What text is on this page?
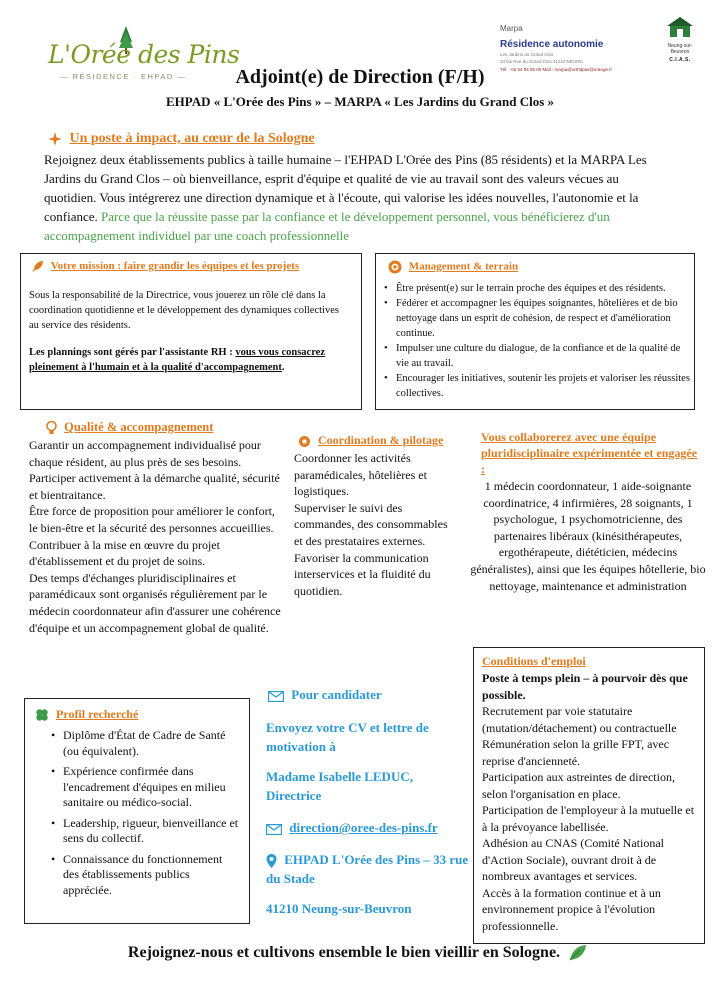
L'Orée des Pins
— RÉSIDENCE · EHPAD —
Marpa
Résidence autonomie
Les Jardins du Grand Clos
34 bis Rue du Grand Clos 41210 NEUNG
Tél. : 02 54 94 55 00 Mail : marpa@orthdpas@orange.fr
Neung-sur-Beuvron
C.I.A.S.
Adjoint(e) de Direction (F/H)
EHPAD « L'Orée des Pins » – MARPA « Les Jardins du Grand Clos »
Un poste à impact, au cœur de la Sologne
Rejoignez deux établissements publics à taille humaine – l'EHPAD L'Orée des Pins (85 résidents) et la MARPA Les Jardins du Grand Clos – où bienveillance, esprit d'équipe et qualité de vie au travail sont des valeurs vécues au quotidien. Vous intégrerez une direction dynamique et à l'écoute, qui valorise les idées nouvelles, l'autonomie et la confiance. Parce que la réussite passe par la confiance et le développement personnel, vous bénéficierez d'un accompagnement individuel par une coach professionnelle
Votre mission : faire grandir les équipes et les projets
Sous la responsabilité de la Directrice, vous jouerez un rôle clé dans la coordination quotidienne et le développement des dynamiques collectives au service des résidents.
Les plannings sont gérés par l'assistante RH : vous vous consacrez pleinement à l'humain et à la qualité d'accompagnement.
Management & terrain
• Être présent(e) sur le terrain proche des équipes et des résidents.
• Fédérer et accompagner les équipes soignantes, hôtelières et de bio nettoyage dans un esprit de cohésion, de respect et d'amélioration continue.
• Impulser une culture du dialogue, de la confiance et de la qualité de vie au travail.
• Encourager les initiatives, soutenir les projets et valoriser les réussites collectives.
Qualité & accompagnement
Garantir un accompagnement individualisé pour chaque résident, au plus près de ses besoins.
Participer activement à la démarche qualité, sécurité et bientraitance.
Être force de proposition pour améliorer le confort, le bien-être et la sécurité des personnes accueillies.
Contribuer à la mise en œuvre du projet d'établissement et du projet de soins.
Des temps d'échanges pluridisciplinaires et paramédicaux sont organisés régulièrement par le médecin coordonnateur afin d'assurer une cohérence d'équipe et un accompagnement global de qualité.
Coordination & pilotage
Coordonner les activités paramédicales, hôtelières et logistiques.
Superviser le suivi des commandes, des consommables et des prestataires externes.
Favoriser la communication interservices et la fluidité du quotidien.
Vous collaborerez avec une équipe pluridisciplinaire expérimentée et engagée :
1 médecin coordonnateur, 1 aide-soignante coordinatrice, 4 infirmières, 28 soignants, 1 psychologue, 1 psychomotricienne, des partenaires libéraux (kinésithérapeutes, ergothérapeute, diététicien, médecins généralistes), ainsi que les équipes hôtellerie, bio nettoyage, maintenance et administration
Profil recherché
• Diplôme d'État de Cadre de Santé (ou équivalent).
• Expérience confirmée dans l'encadrement d'équipes en milieu sanitaire ou médico-social.
• Leadership, rigueur, bienveillance et sens du collectif.
• Connaissance du fonctionnement des établissements publics appréciée.
Pour candidater
Envoyez votre CV et lettre de motivation à
Madame Isabelle LEDUC, Directrice
direction@oree-des-pins.fr
EHPAD L'Orée des Pins – 33 rue du Stade
41210 Neung-sur-Beuvron
Conditions d'emploi
Poste à temps plein – à pourvoir dès que possible.
Recrutement par voie statutaire (mutation/détachement) ou contractuelle
Rémunération selon la grille FPT, avec reprise d'ancienneté.
Participation aux astreintes de direction, selon l'organisation en place.
Participation de l'employeur à la mutuelle et à la prévoyance labellisée.
Adhésion au CNAS (Comité National d'Action Sociale), ouvrant droit à de nombreux avantages et services.
Accès à la formation continue et à un environnement propice à l'évolution professionnelle.
Rejoignez-nous et cultivons ensemble le bien vieillir en Sologne.
